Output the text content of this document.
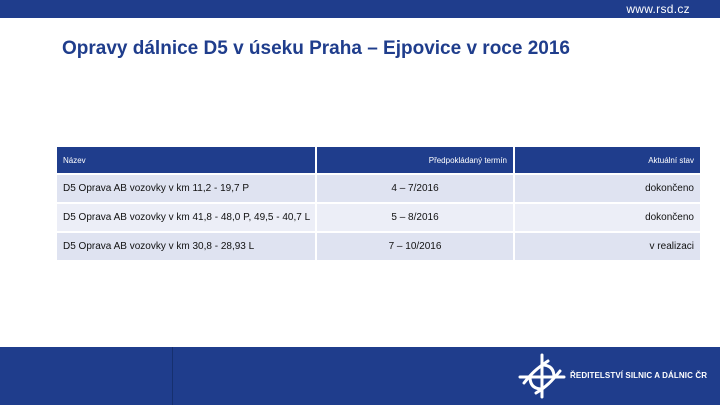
www.rsd.cz
Opravy dálnice D5 v úseku Praha – Ejpovice v roce 2016
Název	Předpokládaný termín	Aktuální stav
D5 Oprava AB vozovky v km 11,2 - 19,7 P	4 – 7/2016	dokončeno
D5 Oprava AB vozovky v km 41,8 - 48,0 P, 49,5 - 40,7 L	5 – 8/2016	dokončeno
D5 Oprava AB vozovky v km 30,8 - 28,93 L	7 – 10/2016	v realizaci
ŘEDITELSTVÍ SILNIC A DÁLNIC ČR
